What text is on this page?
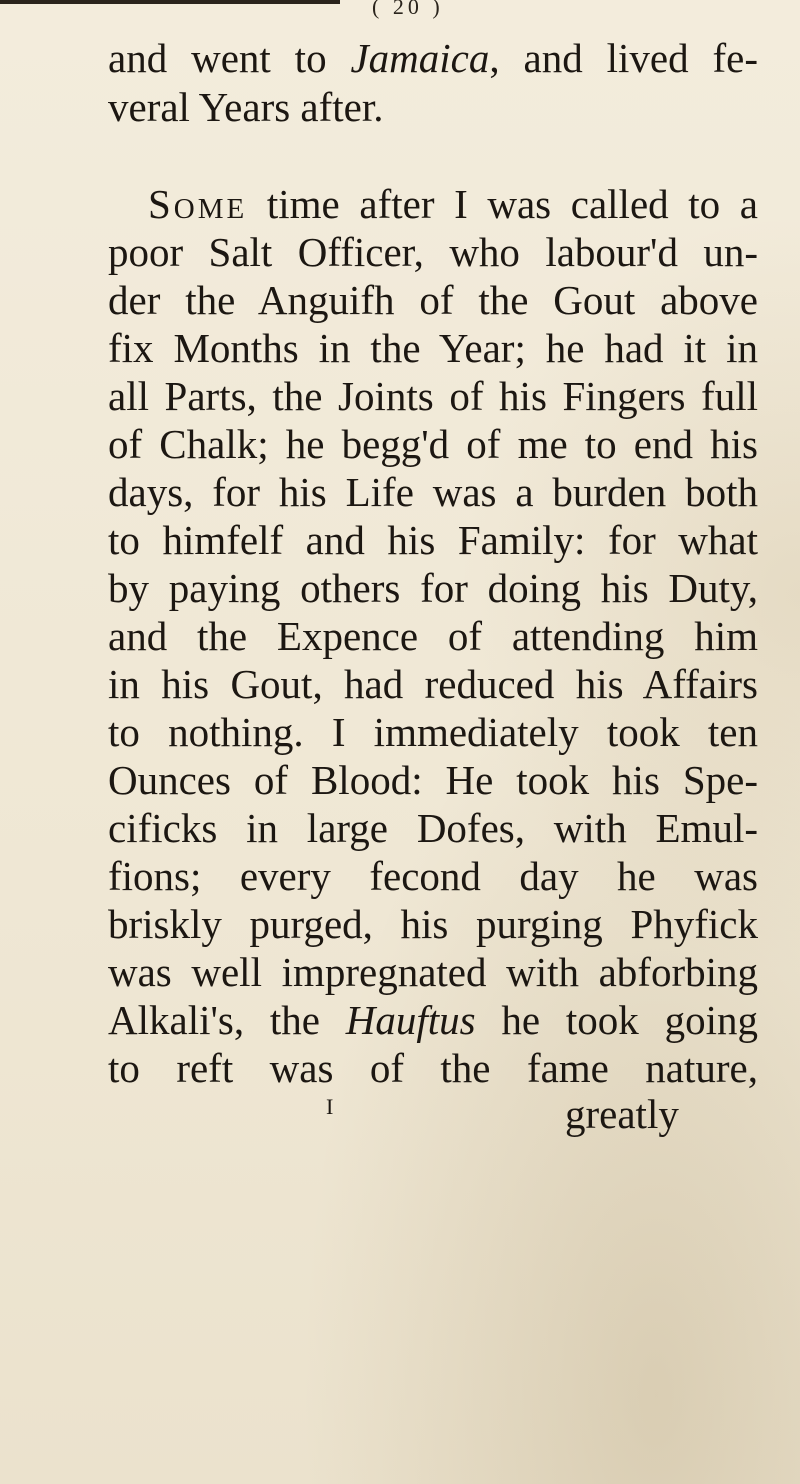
( 20 )
and went to Jamaica, and lived fe-
veral Years after.
Some time after I was called to a
poor Salt Officer, who labour'd un-
der the Anguifh of the Gout above
fix Months in the Year; he had it in
all Parts, the Joints of his Fingers full
of Chalk; he begg'd of me to end his
days, for his Life was a burden both
to himfelf and his Family: for what
by paying others for doing his Duty,
and the Expence of attending him
in his Gout, had reduced his Affairs
to nothing. I immediately took ten
Ounces of Blood: He took his Spe-
cificks in large Dofes, with Emul-
fions; every fecond day he was
briskly purged, his purging Phyfick
was well impregnated with abforbing
Alkali's, the Hauftus he took going
to reft was of the fame nature,
I	greatly
